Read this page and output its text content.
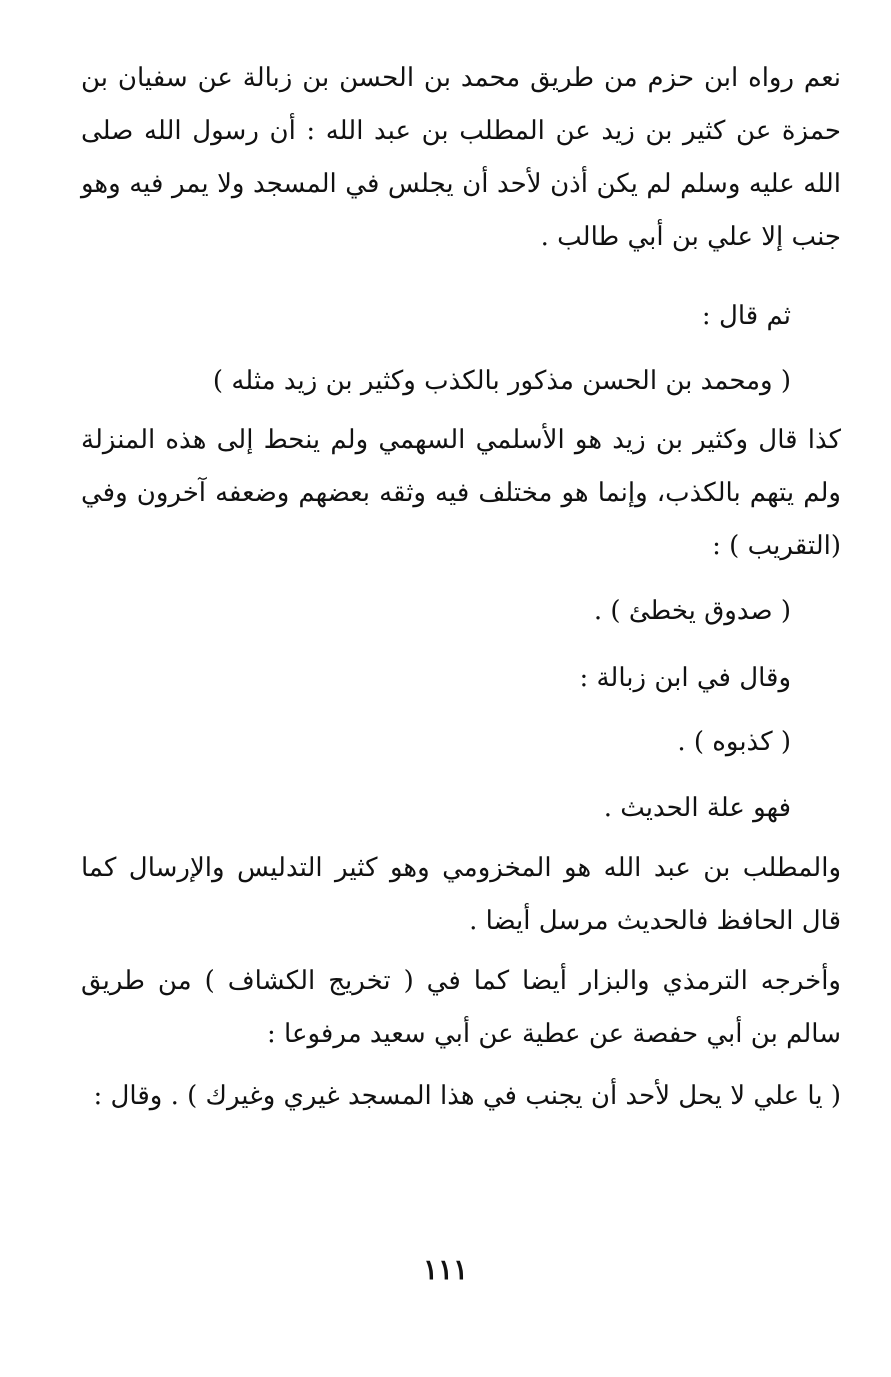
نعم رواه ابن حزم من طريق محمد بن الحسن بن زبالة عن سفيان بن حمزة عن كثير بن زيد عن المطلب بن عبد الله : أن رسول الله صلى الله عليه وسلم لم يكن أذن لأحد أن يجلس في المسجد ولا يمر فيه وهو جنب إلا علي بن أبي طالب .

ثم قال :

( ومحمد بن الحسن مذكور بالكذب وكثير بن زيد مثله )

كذا قال وكثير بن زيد هو الأسلمي السهمي ولم ينحط إلى هذه المنزلة ولم يتهم بالكذب، وإنما هو مختلف فيه وثقه بعضهم وضعفه آخرون وفي (التقريب ) :

( صدوق يخطئ ) .

وقال في ابن زبالة :

( كذبوه ) .

فهو علة الحديث .

والمطلب بن عبد الله هو المخزومي وهو كثير التدليس والإرسال كما قال الحافظ فالحديث مرسل أيضا .

وأخرجه الترمذي والبزار أيضا كما في ( تخريج الكشاف ) من طريق سالم بن أبي حفصة عن عطية عن أبي سعيد مرفوعا :

( يا علي لا يحل لأحد أن يجنب في هذا المسجد غيري وغيرك ) . وقال :

١١١
